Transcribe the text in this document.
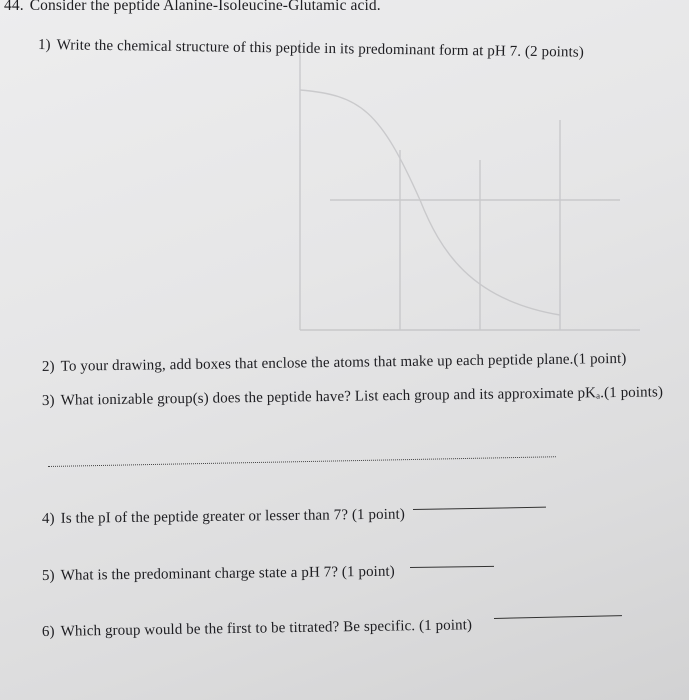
44. Consider the peptide Alanine-Isoleucine-Glutamic acid.
1) Write the chemical structure of this peptide in its predominant form at pH 7. (2 points)
2) To your drawing, add boxes that enclose the atoms that make up each peptide plane.(1 point)
3) What ionizable group(s) does the peptide have? List each group and its approximate pKₐ.(1 points)
4) Is the pI of the peptide greater or lesser than 7? (1 point)
5) What is the predominant charge state a pH 7? (1 point)
6) Which group would be the first to be titrated? Be specific. (1 point)
